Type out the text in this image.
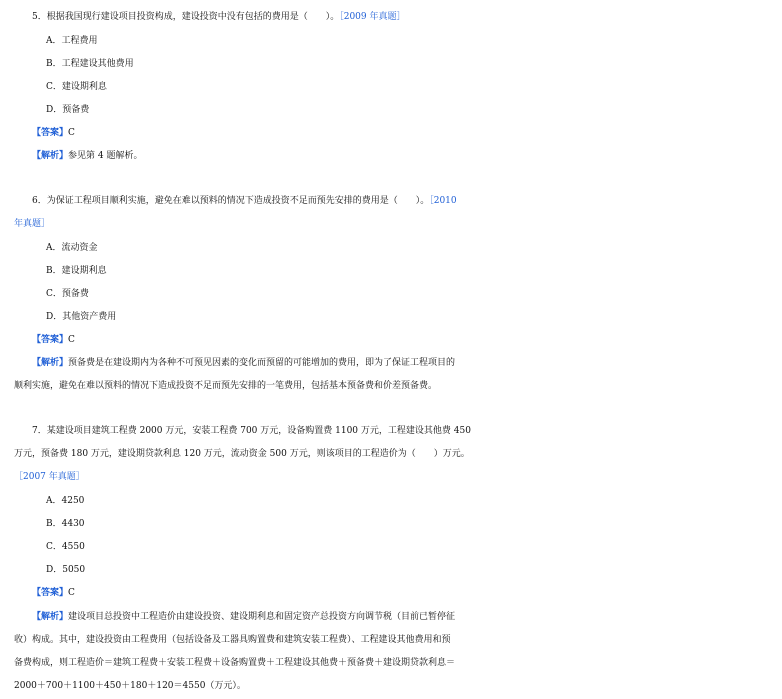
5．根据我国现行建设项目投资构成，建设投资中没有包括的费用是（　　）。［2009 年真题］
A．工程费用
B．工程建设其他费用
C．建设期利息
D．预备费
【答案】C
【解析】参见第 4 题解析。
6．为保证工程项目顺利实施，避免在难以预料的情况下造成投资不足而预先安排的费用是（　　）。［2010
年真题］
A．流动资金
B．建设期利息
C．预备费
D．其他资产费用
【答案】C
【解析】预备费是在建设期内为各种不可预见因素的变化而预留的可能增加的费用，即为了保证工程项目的
顺利实施，避免在难以预料的情况下造成投资不足而预先安排的一笔费用，包括基本预备费和价差预备费。
7．某建设项目建筑工程费 2000 万元，安装工程费 700 万元，设备购置费 1100 万元，工程建设其他费 450
万元，预备费 180 万元，建设期贷款利息 120 万元，流动资金 500 万元，则该项目的工程造价为（　　）万元。
［2007 年真题］
A．4250
B．4430
C．4550
D．5050
【答案】C
【解析】建设项目总投资中工程造价由建设投资、建设期利息和固定资产总投资方向调节税（目前已暂停征
收）构成。其中，建设投资由工程费用（包括设备及工器具购置费和建筑安装工程费）、工程建设其他费用和预
备费构成，则工程造价＝建筑工程费＋安装工程费＋设备购置费＋工程建设其他费＋预备费＋建设期贷款利息＝
2000＋700＋1100＋450＋180＋120＝4550（万元）。
